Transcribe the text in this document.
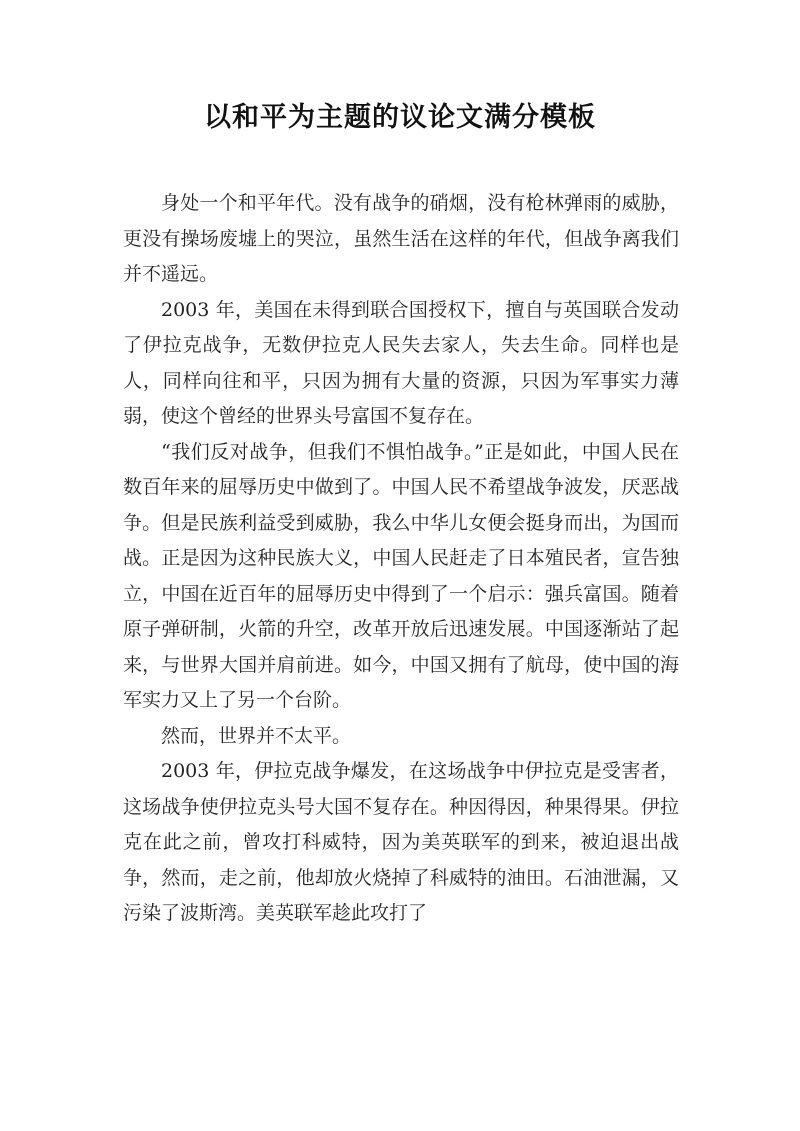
以和平为主题的议论文满分模板

身处一个和平年代。没有战争的硝烟，没有枪林弹雨的威胁，更没有操场废墟上的哭泣，虽然生活在这样的年代，但战争离我们并不遥远。

2003 年，美国在未得到联合国授权下，擅自与英国联合发动了伊拉克战争，无数伊拉克人民失去家人，失去生命。同样也是人，同样向往和平，只因为拥有大量的资源，只因为军事实力薄弱，使这个曾经的世界头号富国不复存在。

“我们反对战争，但我们不惧怕战争。”正是如此，中国人民在数百年来的屈辱历史中做到了。中国人民不希望战争波发，厌恶战争。但是民族利益受到威胁，我么中华儿女便会挺身而出，为国而战。正是因为这种民族大义，中国人民赶走了日本殖民者，宣告独立，中国在近百年的屈辱历史中得到了一个启示：强兵富国。随着原子弹研制，火箭的升空，改革开放后迅速发展。中国逐渐站了起来，与世界大国并肩前进。如今，中国又拥有了航母，使中国的海军实力又上了另一个台阶。

然而，世界并不太平。

2003 年，伊拉克战争爆发，在这场战争中伊拉克是受害者，这场战争使伊拉克头号大国不复存在。种因得因，种果得果。伊拉克在此之前，曾攻打科威特，因为美英联军的到来，被迫退出战争，然而，走之前，他却放火烧掉了科威特的油田。石油泄漏，又污染了波斯湾。美英联军趁此攻打了
